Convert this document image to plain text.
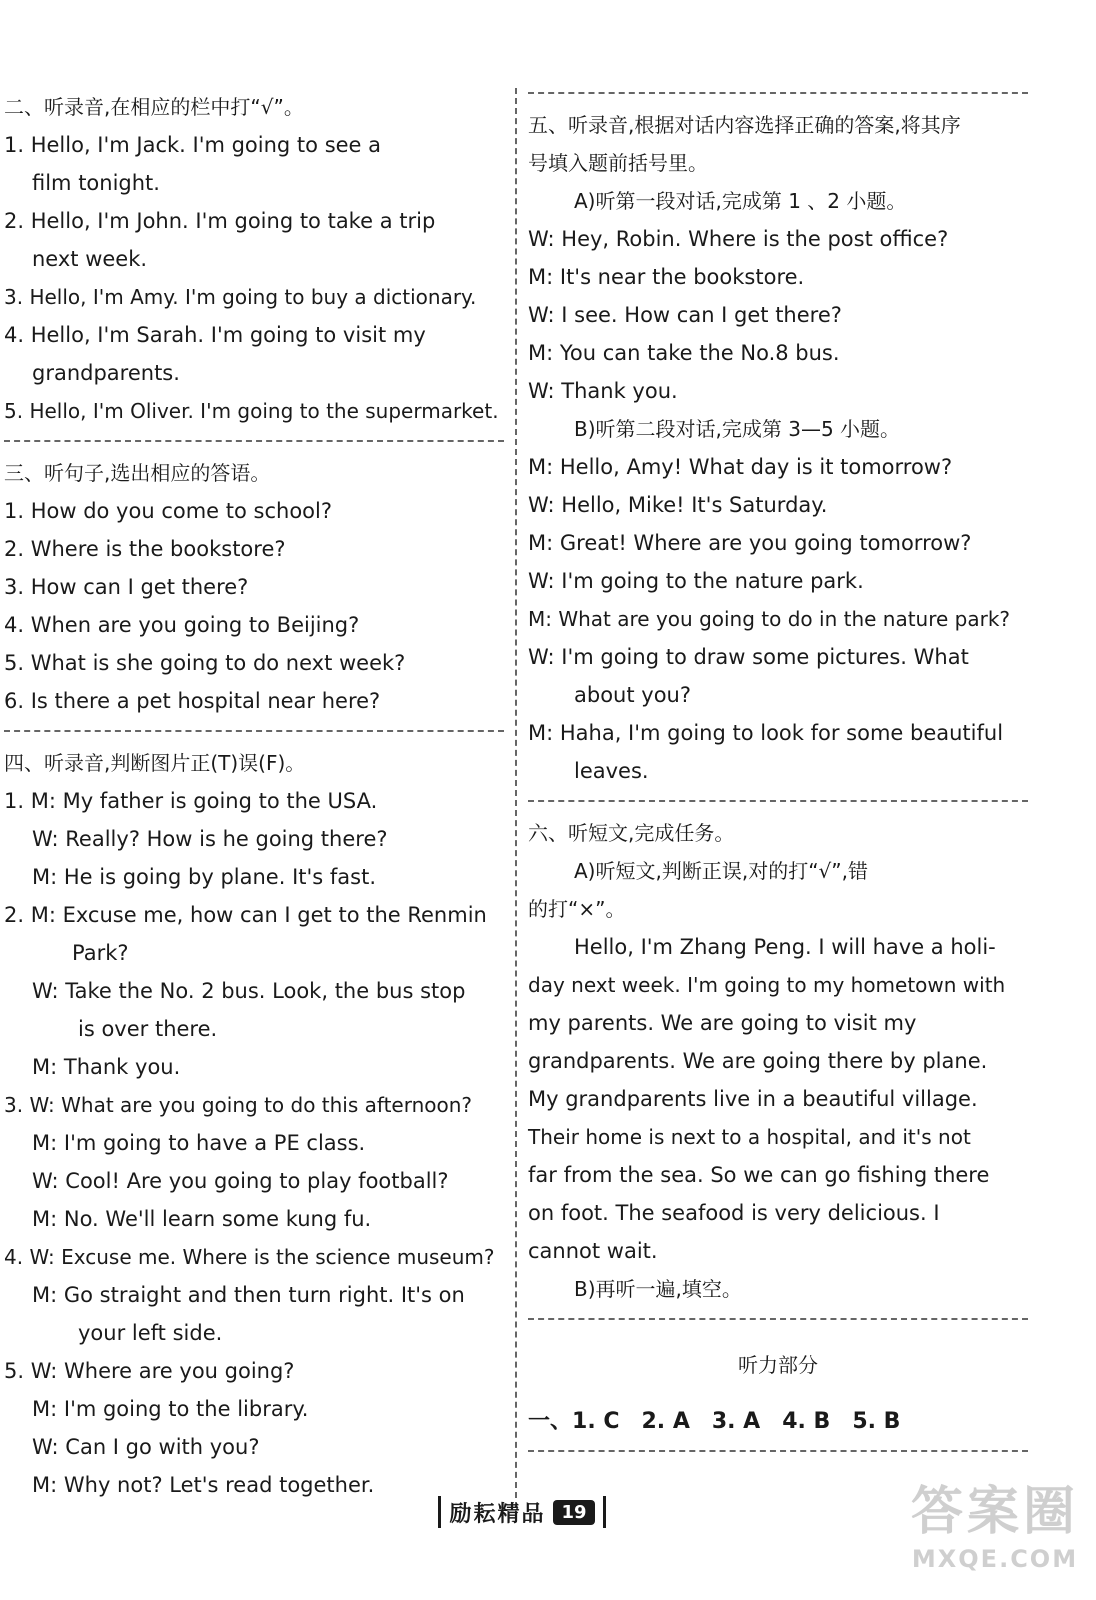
二、听录音,在相应的栏中打“√”。
1. Hello, I'm Jack. I'm going to see a
film tonight.
2. Hello, I'm John. I'm going to take a trip
next week.
3. Hello, I'm Amy. I'm going to buy a dictionary.
4. Hello, I'm Sarah. I'm going to visit my
grandparents.
5. Hello, I'm Oliver. I'm going to the supermarket.
三、听句子,选出相应的答语。
1. How do you come to school?
2. Where is the bookstore?
3. How can I get there?
4. When are you going to Beijing?
5. What is she going to do next week?
6. Is there a pet hospital near here?
四、听录音,判断图片正(T)误(F)。
1. M: My father is going to the USA.
W: Really? How is he going there?
M: He is going by plane. It's fast.
2. M: Excuse me, how can I get to the Renmin
Park?
W: Take the No. 2 bus. Look, the bus stop
is over there.
M: Thank you.
3. W: What are you going to do this afternoon?
M: I'm going to have a PE class.
W: Cool! Are you going to play football?
M: No. We'll learn some kung fu.
4. W: Excuse me. Where is the science museum?
M: Go straight and then turn right. It's on
your left side.
5. W: Where are you going?
M: I'm going to the library.
W: Can I go with you?
M: Why not? Let's read together.
五、听录音,根据对话内容选择正确的答案,将其序
号填入题前括号里。
A)听第一段对话,完成第 1 、2 小题。
W: Hey, Robin. Where is the post office?
M: It's near the bookstore.
W: I see. How can I get there?
M: You can take the No.8 bus.
W: Thank you.
B)听第二段对话,完成第 3—5 小题。
M: Hello, Amy! What day is it tomorrow?
W: Hello, Mike! It's Saturday.
M: Great! Where are you going tomorrow?
W: I'm going to the nature park.
M: What are you going to do in the nature park?
W: I'm going to draw some pictures. What
about you?
M: Haha, I'm going to look for some beautiful
leaves.
六、听短文,完成任务。
A)听短文,判断正误,对的打“√”,错
的打“×”。
Hello, I'm Zhang Peng. I will have a holi-
day next week. I'm going to my hometown with
my parents. We are going to visit my
grandparents. We are going there by plane.
My grandparents live in a beautiful village.
Their home is next to a hospital, and it's not
far from the sea. So we can go fishing there
on foot. The seafood is very delicious. I
cannot wait.
B)再听一遍,填空。
听力部分
一、1. C 2. A 3. A 4. B 5. B
励耘精品 19	答案圈
MXQE.COM
